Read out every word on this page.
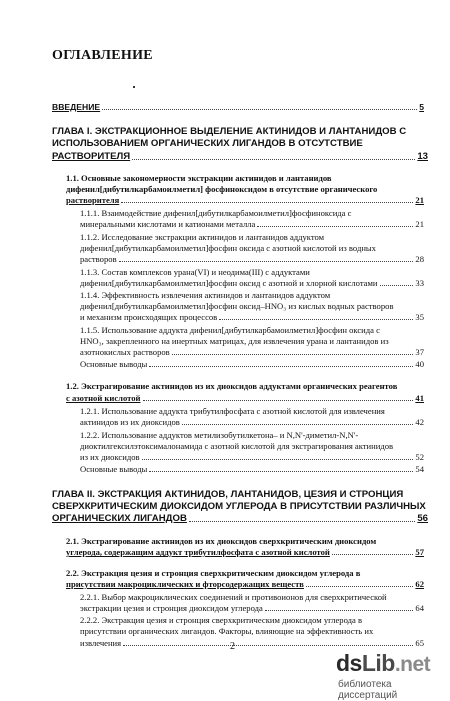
ОГЛАВЛЕНИЕ
ВВЕДЕНИЕ	5
ГЛАВА I. ЭКСТРАКЦИОННОЕ ВЫДЕЛЕНИЕ АКТИНИДОВ И ЛАНТАНИДОВ С
ИСПОЛЬЗОВАНИЕМ ОРГАНИЧЕСКИХ ЛИГАНДОВ В ОТСУТСТВИЕ
РАСТВОРИТЕЛЯ	13
1.1. Основные закономерности экстракции актинидов и лантанидов
дифенил[дибутилкарбамоилметил] фосфиноксидом в отсутствие органического
растворителя	21
1.1.1. Взаимодействие дифенил[дибутилкарбамоилметил]фосфиноксида с
минеральными кислотами и катионами металла	21
1.1.2. Исследование экстракции актинидов и лантанидов аддуктом
дифенил[дибутилкарбамоилметил]фосфин оксида с азотной кислотой из водных
растворов	28
1.1.3. Состав комплексов урана(VI) и неодима(III) с аддуктами
дифенил[дибутилкарбамоилметил]фосфин оксид с азотной и хлорной кислотами	33
1.1.4. Эффективность извлечения актинидов и лантанидов аддуктом
дифенил[дибутилкарбамоилметил]фосфин оксид–HNO₃ из кислых водных растворов
и механизм происходящих процессов	35
1.1.5. Использование аддукта дифенил[дибутилкарбамоилметил]фосфин оксида с
HNO₃, закрепленного на инертных матрицах, для извлечения урана и лантанидов из
азотнокислых растворов	37
Основные выводы	40
1.2. Экстрагирование актинидов из их диоксидов аддуктами органических реагентов
с азотной кислотой	41
1.2.1. Использование аддукта трибутилфосфата с азотной кислотой для извлечения
актинидов из их диоксидов	42
1.2.2. Использование аддуктов метилизобутилкетона– и N,N'-диметил-N,N'-
диоктилгексилэтоксималонамида с азотной кислотой для экстрагирования актинидов
из их диоксидов	52
Основные выводы	54
ГЛАВА II. ЭКСТРАКЦИЯ АКТИНИДОВ, ЛАНТАНИДОВ, ЦЕЗИЯ И СТРОНЦИЯ
СВЕРХКРИТИЧЕСКИМ ДИОКСИДОМ УГЛЕРОДА В ПРИСУТСТВИИ РАЗЛИЧНЫХ
ОРГАНИЧЕСКИХ ЛИГАНДОВ	56
2.1. Экстрагирование актинидов из их диоксидов сверхкритическим диоксидом
углерода, содержащим аддукт трибутилфосфата с азотной кислотой	57
2.2. Экстракция цезия и стронция сверхкритическим диоксидом углерода в
присутствии макроциклических и фторсодержащих веществ	62
2.2.1. Выбор макроциклических соединений и противоионов для сверхкритической
экстракции цезия и стронция диоксидом углерода	64
2.2.2. Экстракция цезия и стронция сверхкритическим диоксидом углерода в
присутствии органических лигандов. Факторы, влияющие на эффективность их
извлечения	65
2
dsLib.net
библиотека диссертаций
